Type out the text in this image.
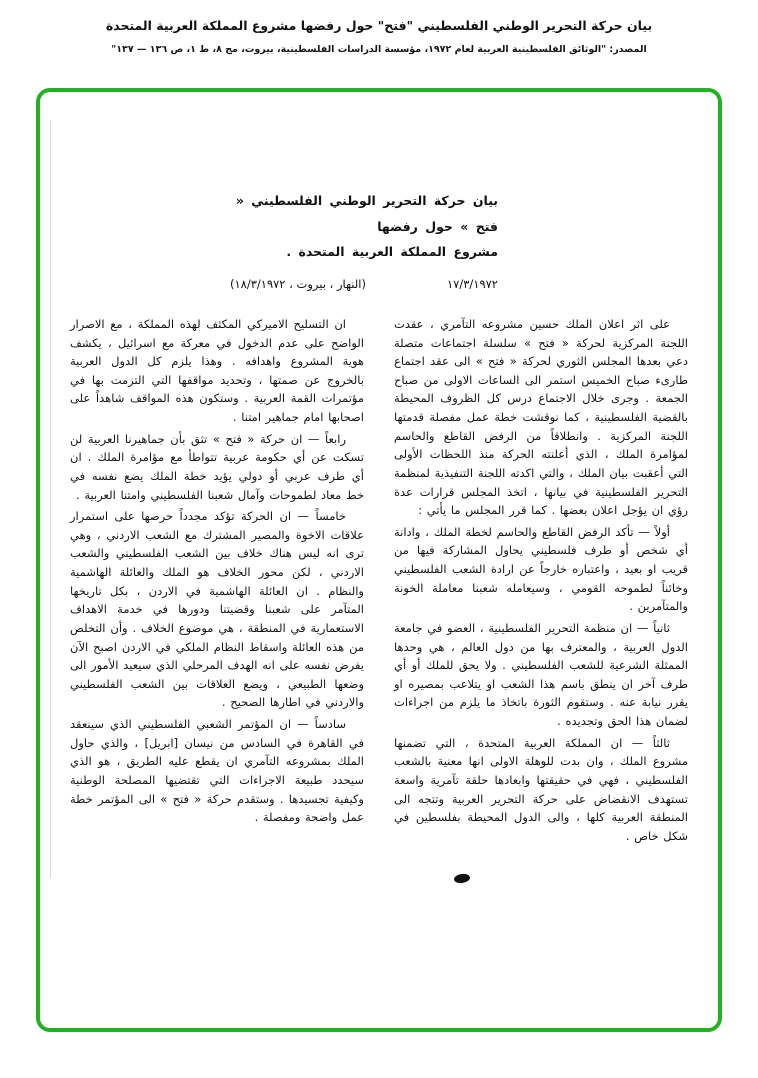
بيان حركة التحرير الوطني الفلسطيني "فتح" حول رفضها مشروع المملكة العربية المتحدة
المصدر: "الوثائق الفلسطينية العربية لعام ١٩٧٢، مؤسسة الدراسات الفلسطينية، بيروت، مج ٨، ط ١، ص ١٣٦ — ١٣٧"
بيان حركة التحرير الوطني الفلسطيني « فتح » حول رفضها
مشروع المملكة العربية المتحدة .
١٧/٣/١٩٧٢
(النهار ، بيروت ، ١٨/٣/١٩٧٢)

على اثر اعلان الملك حسين مشروعه التآمري ، عقدت اللجنة المركزية لحركة « فتح » سلسلة اجتماعات متصلة دعي بعدها المجلس الثوري لحركة « فتح » الى عقد اجتماع طارىء صباح الخميس استمر الى الساعات الاولى من صباح الجمعة . وجرى خلال الاجتماع درس كل الظروف المحيطة بالقضية الفلسطينية ، كما نوقشت خطة عمل مفصلة قدمتها اللجنة المركزية . وانطلاقاً من الرفض القاطع والحاسم لمؤامرة الملك ، الذي أعلنته الحركة منذ اللحظات الأولى التي أعقبت بيان الملك ، والتي اكدته اللجنة التنفيذية لمنظمة التحرير الفلسطينية في بيانها ، اتخذ المجلس قرارات عدة رؤي ان يؤجل اعلان بعضها . كما قرر المجلس ما يأتي :

أولاً — تأكد الرفض القاطع والحاسم لخطة الملك ، وادانة أي شخص أو طرف فلسطيني يحاول المشاركة فيها من قريب او بعيد ، واعتباره خارجاً عن ارادة الشعب الفلسطيني وخائناً لطموحه القومي ، وسيعامله شعبنا معاملة الخونة والمتآمرين .

ثانياً — ان منظمة التحرير الفلسطينية ، العضو في جامعة الدول العربية ، والمعترف بها من دول العالم ، هي وحدها الممثلة الشرعية للشعب الفلسطيني . ولا يحق للملك أو أي طرف آخر ان ينطق باسم هذا الشعب او يتلاعب بمصيره او يقرر نيابة عنه . وستقوم الثورة باتخاذ ما يلزم من اجراءات لضمان هذا الحق وتجديده .

ثالثاً — ان المملكة العربية المتحدة ، التي تضمنها مشروع الملك ، وان بدت للوهلة الاولى انها معنية بالشعب الفلسطيني ، فهي في حقيقتها وابعادها حلقة تآمرية واسعة تستهدف الانقضاض على حركة التحرير العربية وتتجه الى المنطقة العربية كلها ، والى الدول المحيطة بفلسطين في شكل خاص .

ان التسليح الاميركي المكثف لهذه المملكة ، مع الاصرار الواضح على عدم الدخول في معركة مع اسرائيل ، يكشف هوية المشروع واهدافه . وهذا يلزم كل الدول العربية بالخروج عن صمتها ، وتحديد مواقفها التي التزمت بها في مؤتمرات القمة العربية . وستكون هذه المواقف شاهداً على اصحابها امام جماهير امتنا .

رابعاً — ان حركة « فتح » تثق بأن جماهيرنا العربية لن تسكت عن أي حكومة عربية تتواطأ مع مؤامرة الملك . ان أي طرف عربي أو دولي يؤيد خطة الملك يضع نفسه في خط معاد لطموحات وآمال شعبنا الفلسطيني وامتنا العربية .

خامساً — ان الحركة تؤكد مجدداً حرصها على استمرار علاقات الاخوة والمصير المشترك مع الشعب الاردني ، وهي ترى انه ليس هناك خلاف بين الشعب الفلسطيني والشعب الاردني ، لكن محور الخلاف هو الملك والعائلة الهاشمية والنظام . ان العائلة الهاشمية في الاردن ، بكل تاريخها المتآمر على شعبنا وقضيتنا ودورها في خدمة الاهداف الاستعمارية في المنطقة ، هي موضوع الخلاف . وأن التخلص من هذه العائلة واسقاط النظام الملكي في الاردن اصبح الآن يفرض نفسه على انه الهدف المرحلي الذي سيعيد الأمور الى وضعها الطبيعي ، ويضع العلاقات بين الشعب الفلسطيني والاردني في اطارها الصحيح .

سادساً — ان المؤتمر الشعبي الفلسطيني الذي سينعقد في القاهرة في السادس من نيسان [ابريل] ، والذي حاول الملك بمشروعه التآمري ان يقطع عليه الطريق ، هو الذي سيحدد طبيعة الاجراءات التي تقتضيها المصلحة الوطنية وكيفية تجسيدها . وستقدم حركة « فتح » الى المؤتمر خطة عمل واضحة ومفصلة .
